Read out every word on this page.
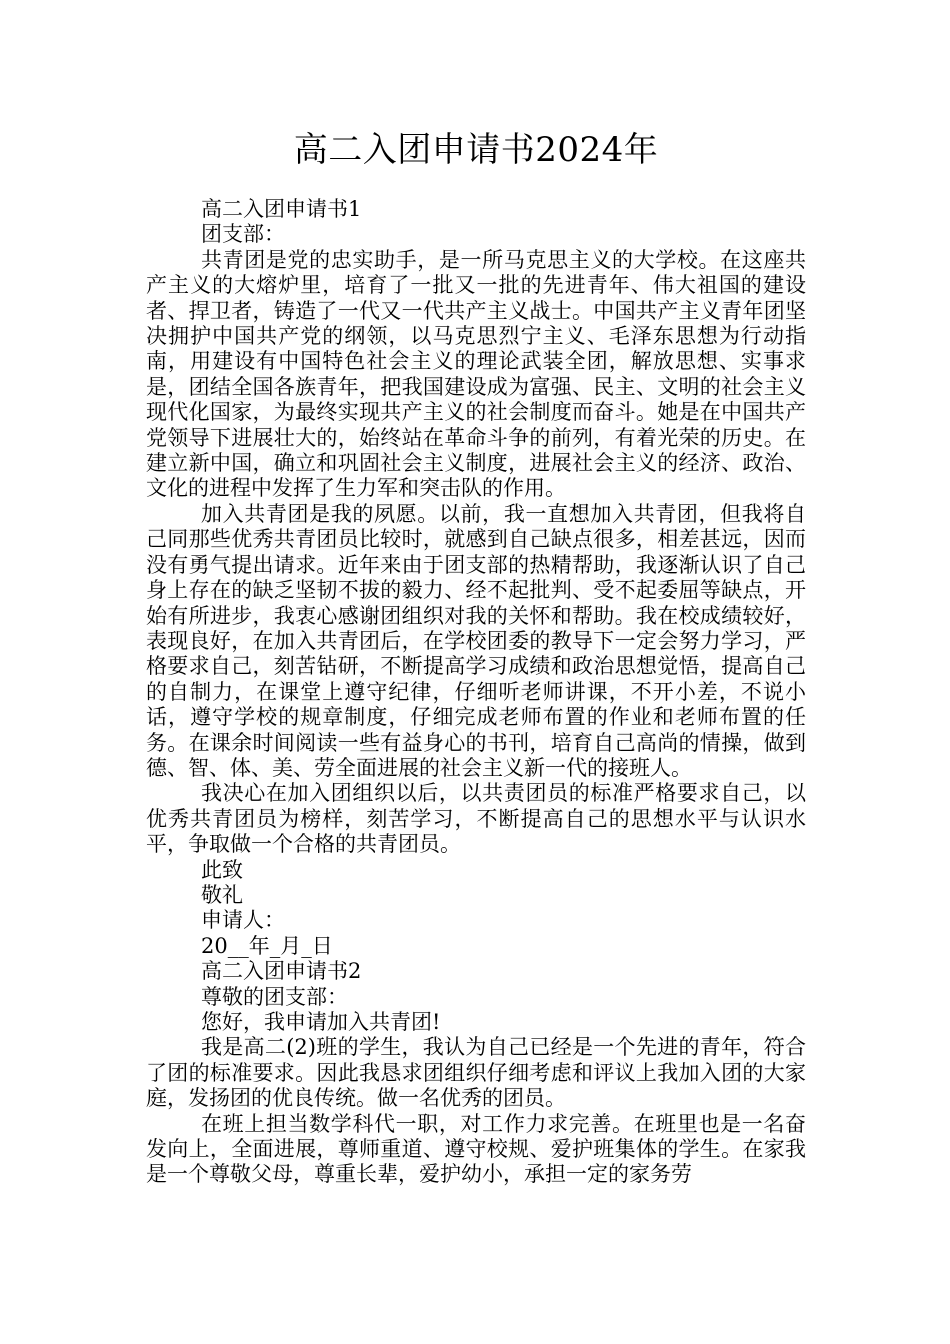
高二入团申请书2024年

高二入团申请书1

团支部：

共青团是党的忠实助手，是一所马克思主义的大学校。在这座共产主义的大熔炉里，培育了一批又一批的先进青年、伟大祖国的建设者、捍卫者，铸造了一代又一代共产主义战士。中国共产主义青年团坚决拥护中国共产党的纲领，以马克思烈宁主义、毛泽东思想为行动指南，用建设有中国特色社会主义的理论武装全团，解放思想、实事求是，团结全国各族青年，把我国建设成为富强、民主、文明的社会主义现代化国家，为最终实现共产主义的社会制度而奋斗。她是在中国共产党领导下进展壮大的，始终站在革命斗争的前列，有着光荣的历史。在建立新中国，确立和巩固社会主义制度，进展社会主义的经济、政治、文化的进程中发挥了生力军和突击队的作用。

加入共青团是我的夙愿。以前，我一直想加入共青团，但我将自己同那些优秀共青团员比较时，就感到自己缺点很多，相差甚远，因而没有勇气提出请求。近年来由于团支部的热精帮助，我逐渐认识了自己身上存在的缺乏坚韧不拔的毅力、经不起批判、受不起委屈等缺点，开始有所进步，我衷心感谢团组织对我的关怀和帮助。我在校成绩较好，表现良好，在加入共青团后，在学校团委的教导下一定会努力学习，严格要求自己，刻苦钻研，不断提高学习成绩和政治思想觉悟，提高自己的自制力，在课堂上遵守纪律，仔细听老师讲课，不开小差，不说小话，遵守学校的规章制度，仔细完成老师布置的作业和老师布置的任务。在课余时间阅读一些有益身心的书刊，培育自己高尚的情操，做到德、智、体、美、劳全面进展的社会主义新一代的接班人。

我决心在加入团组织以后，以共责团员的标准严格要求自己，以优秀共青团员为榜样，刻苦学习，不断提高自己的思想水平与认识水平，争取做一个合格的共青团员。

此致

敬礼

申请人：

20__年_月_日

高二入团申请书2

尊敬的团支部：

您好，我申请加入共青团!

我是高二(2)班的学生，我认为自己已经是一个先进的青年，符合了团的标准要求。因此我恳求团组织仔细考虑和评议上我加入团的大家庭，发扬团的优良传统。做一名优秀的团员。

在班上担当数学科代一职，对工作力求完善。在班里也是一名奋发向上，全面进展，尊师重道、遵守校规、爱护班集体的学生。在家我是一个尊敬父母，尊重长辈，爱护幼小，承担一定的家务劳
